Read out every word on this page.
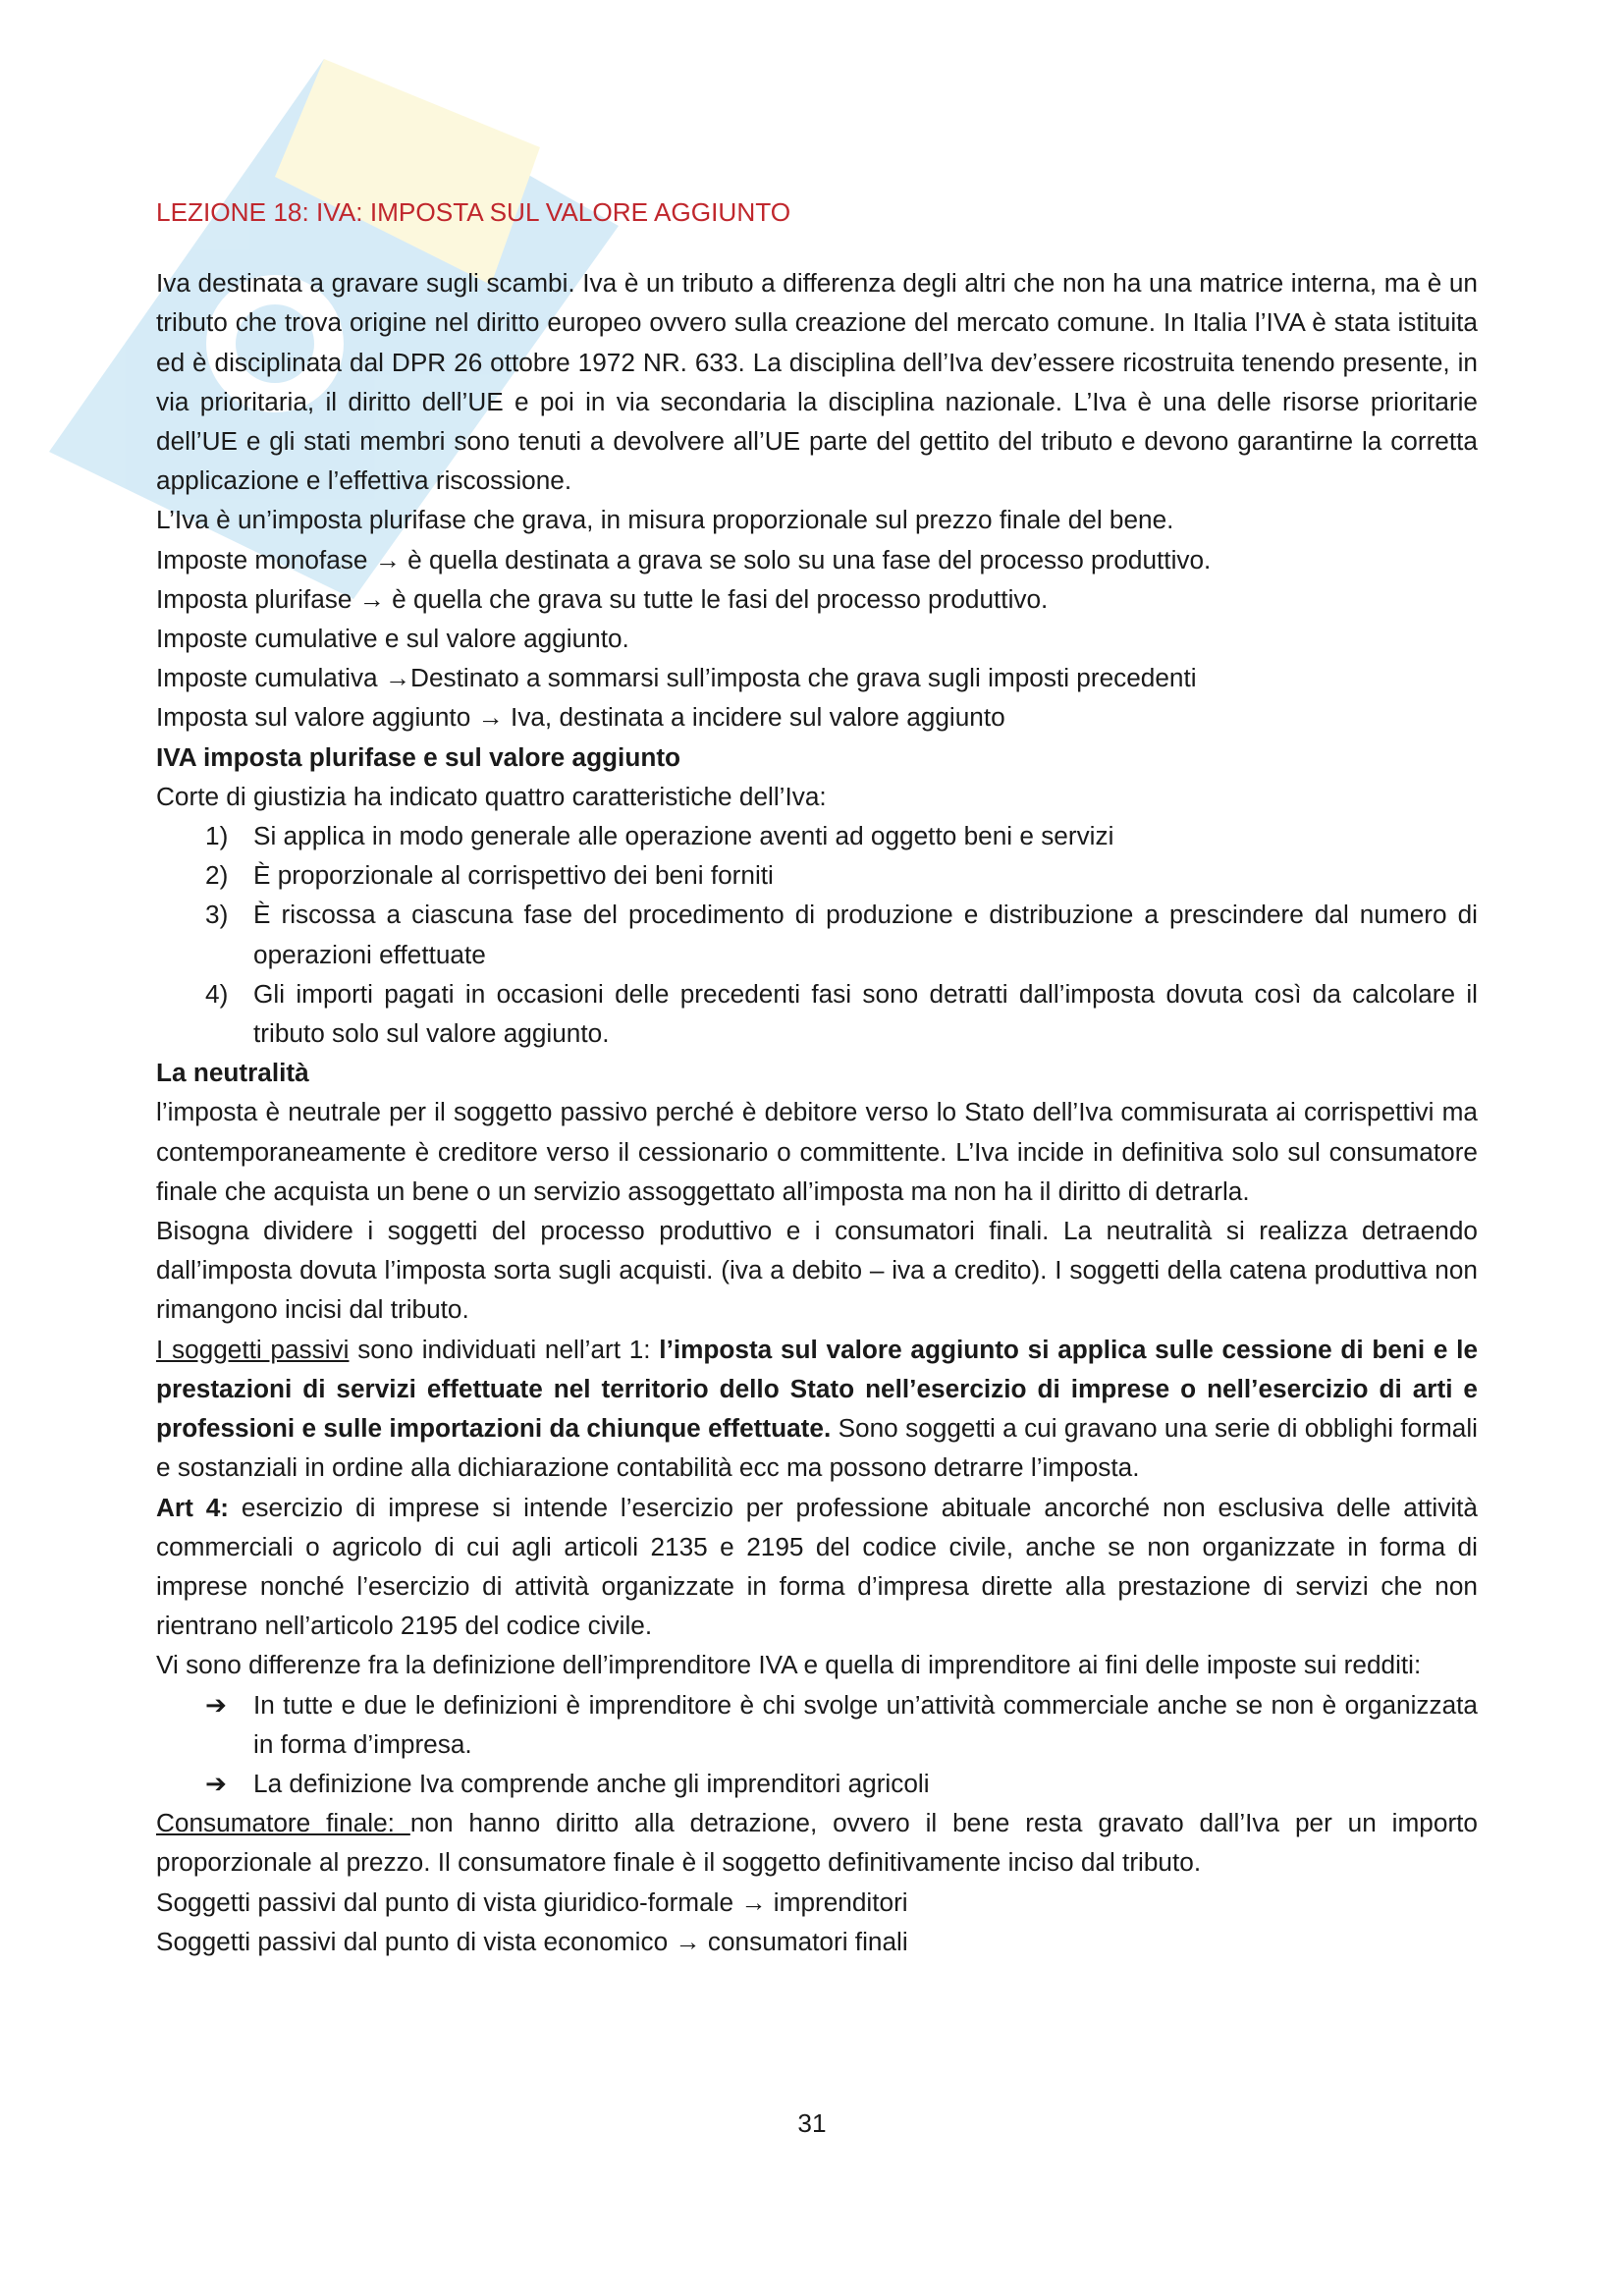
LEZIONE 18: IVA: IMPOSTA SUL VALORE AGGIUNTO

Iva destinata a gravare sugli scambi. Iva è un tributo a differenza degli altri che non ha una matrice interna, ma è un tributo che trova origine nel diritto europeo ovvero sulla creazione del mercato comune. In Italia l’IVA è stata istituita ed è disciplinata dal DPR 26 ottobre 1972 NR. 633. La disciplina dell’Iva dev’essere ricostruita tenendo presente, in via prioritaria, il diritto dell’UE e poi in via secondaria la disciplina nazionale. L’Iva è una delle risorse prioritarie dell’UE e gli stati membri sono tenuti a devolvere all’UE parte del gettito del tributo e devono garantirne la corretta applicazione e l’effettiva riscossione.

L’Iva è un’imposta plurifase che grava, in misura proporzionale sul prezzo finale del bene.

Imposte monofase → è quella destinata a grava se solo su una fase del processo produttivo.

Imposta plurifase → è quella che grava su tutte le fasi del processo produttivo.

Imposte cumulative e sul valore aggiunto.

Imposte cumulativa →Destinato a sommarsi sull’imposta che grava sugli imposti precedenti

Imposta sul valore aggiunto → Iva, destinata a incidere sul valore aggiunto

IVA imposta plurifase e sul valore aggiunto

Corte di giustizia ha indicato quattro caratteristiche dell’Iva:

1) Si applica in modo generale alle operazione aventi ad oggetto beni e servizi
2) È proporzionale al corrispettivo dei beni forniti
3) È riscossa a ciascuna fase del procedimento di produzione e distribuzione a prescindere dal numero di operazioni effettuate
4) Gli importi pagati in occasioni delle precedenti fasi sono detratti dall’imposta dovuta così da calcolare il tributo solo sul valore aggiunto.

La neutralità

l’imposta è neutrale per il soggetto passivo perché è debitore verso lo Stato dell’Iva commisurata ai corrispettivi ma contemporaneamente è creditore verso il cessionario o committente. L’Iva incide in definitiva solo sul consumatore finale che acquista un bene o un servizio assoggettato all’imposta ma non ha il diritto di detrarla.

Bisogna dividere i soggetti del processo produttivo e i consumatori finali. La neutralità si realizza detraendo dall’imposta dovuta l’imposta sorta sugli acquisti. (iva a debito – iva a credito). I soggetti della catena produttiva non rimangono incisi dal tributo.

I soggetti passivi sono individuati nell’art 1: l’imposta sul valore aggiunto si applica sulle cessione di beni e le prestazioni di servizi effettuate nel territorio dello Stato nell’esercizio di imprese o nell’esercizio di arti e professioni e sulle importazioni da chiunque effettuate. Sono soggetti a cui gravano una serie di obblighi formali e sostanziali in ordine alla dichiarazione contabilità ecc ma possono detrarre l’imposta.

Art 4: esercizio di imprese si intende l’esercizio per professione abituale ancorché non esclusiva delle attività commerciali o agricolo di cui agli articoli 2135 e 2195 del codice civile, anche se non organizzate in forma di imprese nonché l’esercizio di attività organizzate in forma d’impresa dirette alla prestazione di servizi che non rientrano nell’articolo 2195 del codice civile.

Vi sono differenze fra la definizione dell’imprenditore IVA e quella di imprenditore ai fini delle imposte sui redditi:

➔ In tutte e due le definizioni è imprenditore è chi svolge un’attività commerciale anche se non è organizzata in forma d’impresa.
➔ La definizione Iva comprende anche gli imprenditori agricoli

Consumatore finale: non hanno diritto alla detrazione, ovvero il bene resta gravato dall’Iva per un importo proporzionale al prezzo. Il consumatore finale è il soggetto definitivamente inciso dal tributo.

Soggetti passivi dal punto di vista giuridico-formale → imprenditori

Soggetti passivi dal punto di vista economico → consumatori finali

31
